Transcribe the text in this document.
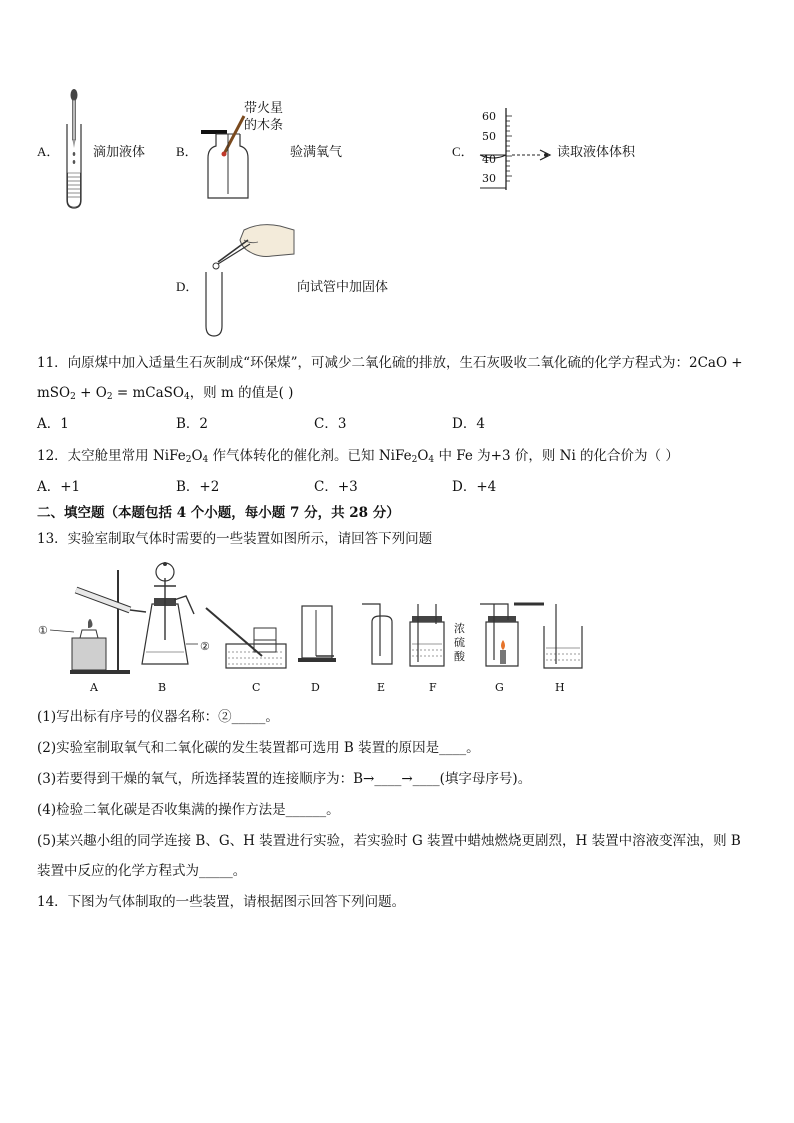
A．	滴加液体 B．
带火星
的木条
验满氧气	C．
60
50
40
30
读取液体体积
D．	向试管中加固体
11．向原煤中加入适量生石灰制成“环保煤”，可减少二氧化硫的排放，生石灰吸收二氧化硫的化学方程式为：2CaO +
$mSO_2 + O_2$ = mCaSO$_4$，则 m 的值是( )
A．1	B．2	C．3	D．4
12．太空舱里常用 $NiFe_2O_4$ 作气体转化的催化剂。已知 $NiFe_2O_4$ 中 Fe 为+3 价，则 Ni 的化合价为（ ）
A．+1	B．+2	C．+3	D．+4
二、填空题（本题包括 4 个小题，每小题 7 分，共 28 分）
13．实验室制取气体时需要的一些装置如图所示，请回答下列问题
①
②
浓
硫
酸
A	B	C	D	E	F	G	H
(1)写出标有序号的仪器名称：②_____。
(2)实验室制取氧气和二氧化碳的发生装置都可选用 B 装置的原因是____。
(3)若要得到干燥的氧气，所选择装置的连接顺序为：B→____→____(填字母序号)。
(4)检验二氧化碳是否收集满的操作方法是______。
(5)某兴趣小组的同学连接 B、G、H 装置进行实验，若实验时 G 装置中蜡烛燃烧更剧烈，H 装置中溶液变浑浊，则 B
装置中反应的化学方程式为_____。
14．下图为气体制取的一些装置，请根据图示回答下列问题。
